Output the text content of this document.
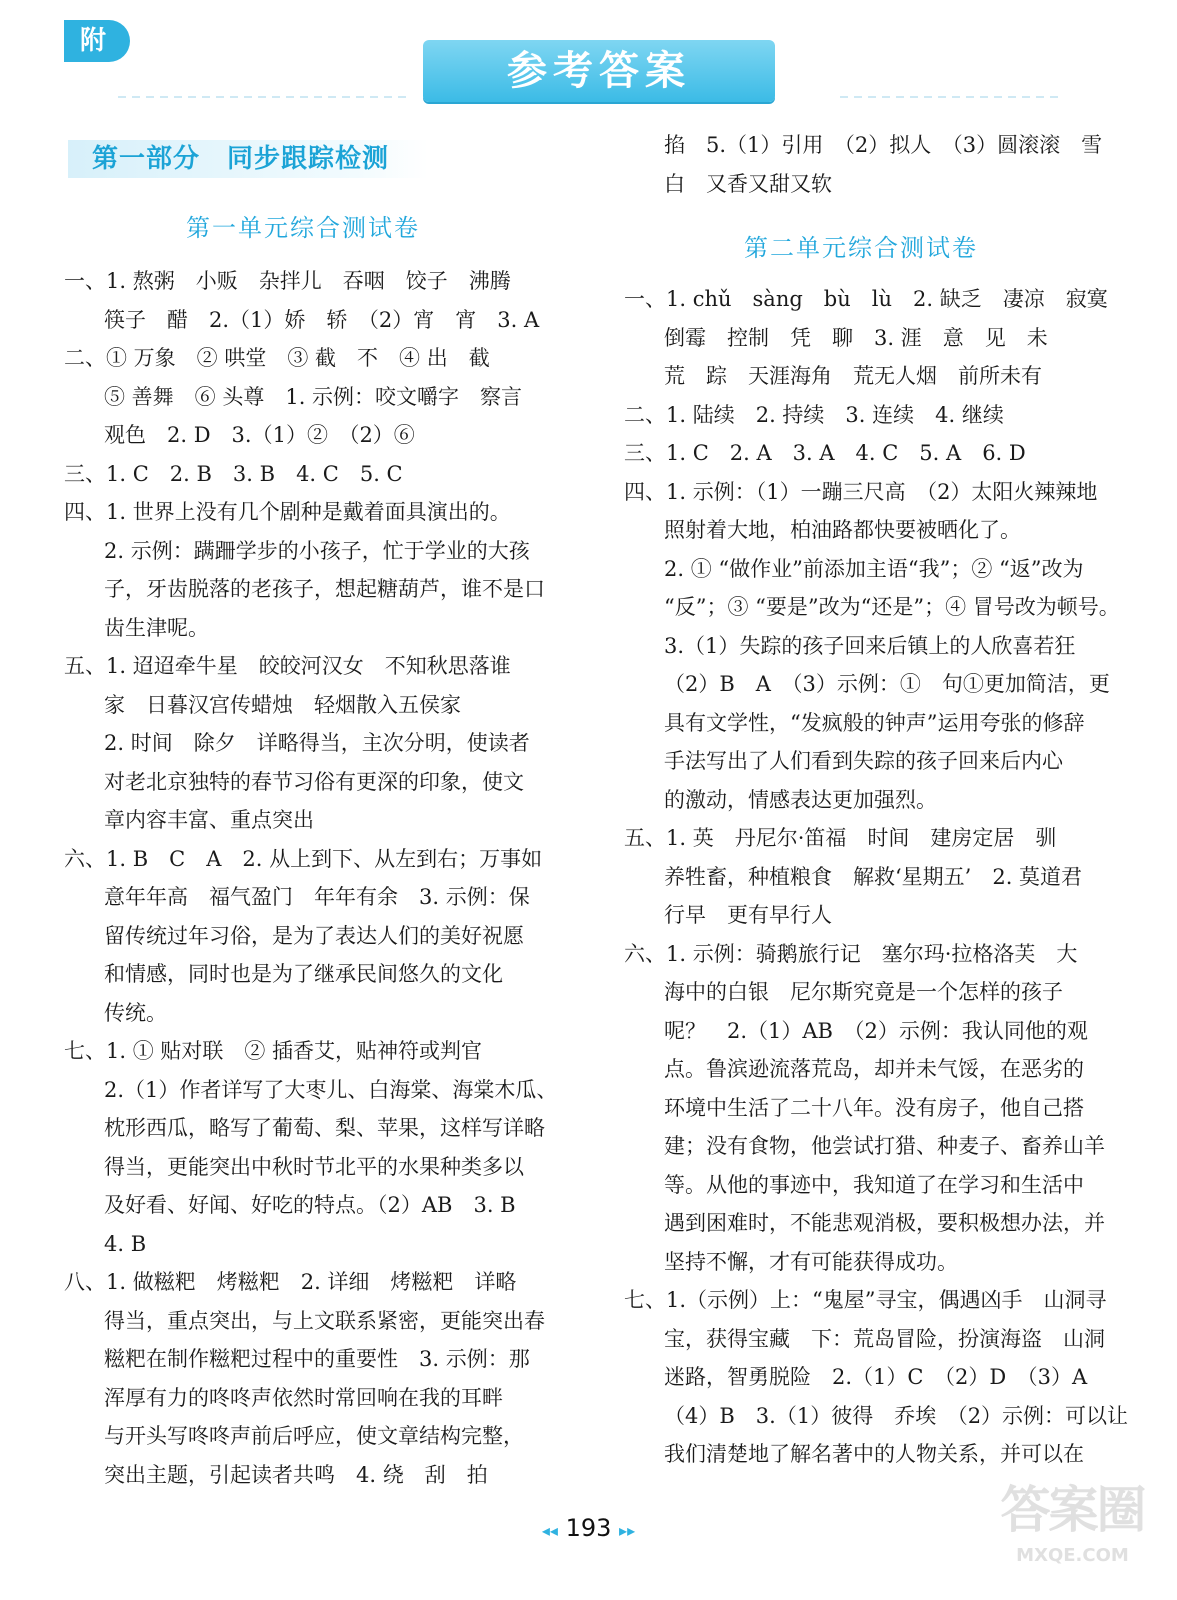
附
参考答案
第一部分　同步跟踪检测
第一单元综合测试卷
第二单元综合测试卷
一、1. 熬粥　小贩　杂拌儿　吞咽　饺子　沸腾
筷子　醋　2.（1）娇　轿　（2）宵　宵　3. A
二、① 万象　② 哄堂　③ 截　不　④ 出　截
⑤ 善舞　⑥ 头尊　1. 示例：咬文嚼字　察言
观色　2. D　3.（1）②　（2）⑥
三、1. C　2. B　3. B　4. C　5. C
四、1. 世界上没有几个剧种是戴着面具演出的。
2. 示例：蹒跚学步的小孩子，忙于学业的大孩
子，牙齿脱落的老孩子，想起糖葫芦，谁不是口
齿生津呢。
五、1. 迢迢牵牛星　皎皎河汉女　不知秋思落谁
家　日暮汉宫传蜡烛　轻烟散入五侯家
2. 时间　除夕　详略得当，主次分明，使读者
对老北京独特的春节习俗有更深的印象，使文
章内容丰富、重点突出
六、1. B　C　A　2. 从上到下、从左到右；万事如
意年年高　福气盈门　年年有余　3. 示例：保
留传统过年习俗，是为了表达人们的美好祝愿
和情感，同时也是为了继承民间悠久的文化
传统。
七、1. ① 贴对联　② 插香艾，贴神符或判官
2.（1）作者详写了大枣儿、白海棠、海棠木瓜、
枕形西瓜，略写了葡萄、梨、苹果，这样写详略
得当，更能突出中秋时节北平的水果种类多以
及好看、好闻、好吃的特点。（2）AB　3. B
4. B
八、1. 做糍粑　烤糍粑　2. 详细　烤糍粑　详略
得当，重点突出，与上文联系紧密，更能突出春
糍粑在制作糍粑过程中的重要性　3. 示例：那
浑厚有力的咚咚声依然时常回响在我的耳畔
与开头写咚咚声前后呼应，使文章结构完整，
突出主题，引起读者共鸣　4. 绕　刮　拍
掐　5.（1）引用　（2）拟人　（3）圆滚滚　雪
白　又香又甜又软
一、1. chǔ　sàng　bù　lù　2. 缺乏　凄凉　寂寞
倒霉　控制　凭　聊　3. 涯　意　见　未
荒　踪　天涯海角　荒无人烟　前所未有
二、1. 陆续　2. 持续　3. 连续　4. 继续
三、1. C　2. A　3. A　4. C　5. A　6. D
四、1. 示例：（1）一蹦三尺高　（2）太阳火辣辣地
照射着大地，柏油路都快要被晒化了。
2. ① “做作业”前添加主语“我”；② “返”改为
“反”；③ “要是”改为“还是”；④ 冒号改为顿号。
3.（1）失踪的孩子回来后镇上的人欣喜若狂
（2）B　A　（3）示例：①　句①更加简洁，更
具有文学性，“发疯般的钟声”运用夸张的修辞
手法写出了人们看到失踪的孩子回来后内心
的激动，情感表达更加强烈。
五、1. 英　丹尼尔·笛福　时间　建房定居　驯
养牲畜，种植粮食　解救‘星期五’　2. 莫道君
行早　更有早行人
六、1. 示例：骑鹅旅行记　塞尔玛·拉格洛芙　大
海中的白银　尼尔斯究竟是一个怎样的孩子
呢？　2.（1）AB　（2）示例：我认同他的观
点。鲁滨逊流落荒岛，却并未气馁，在恶劣的
环境中生活了二十八年。没有房子，他自己搭
建；没有食物，他尝试打猎、种麦子、畜养山羊
等。从他的事迹中，我知道了在学习和生活中
遇到困难时，不能悲观消极，要积极想办法，并
坚持不懈，才有可能获得成功。
七、1.（示例）上：“鬼屋”寻宝，偶遇凶手　山洞寻
宝，获得宝藏　下：荒岛冒险，扮演海盗　山洞
迷路，智勇脱险　2.（1）C　（2）D　（3）A
（4）B　3.（1）彼得　乔埃　（2）示例：可以让
我们清楚地了解名著中的人物关系，并可以在
◂◂ 193 ▸▸	答案圈
MXQE.COM
